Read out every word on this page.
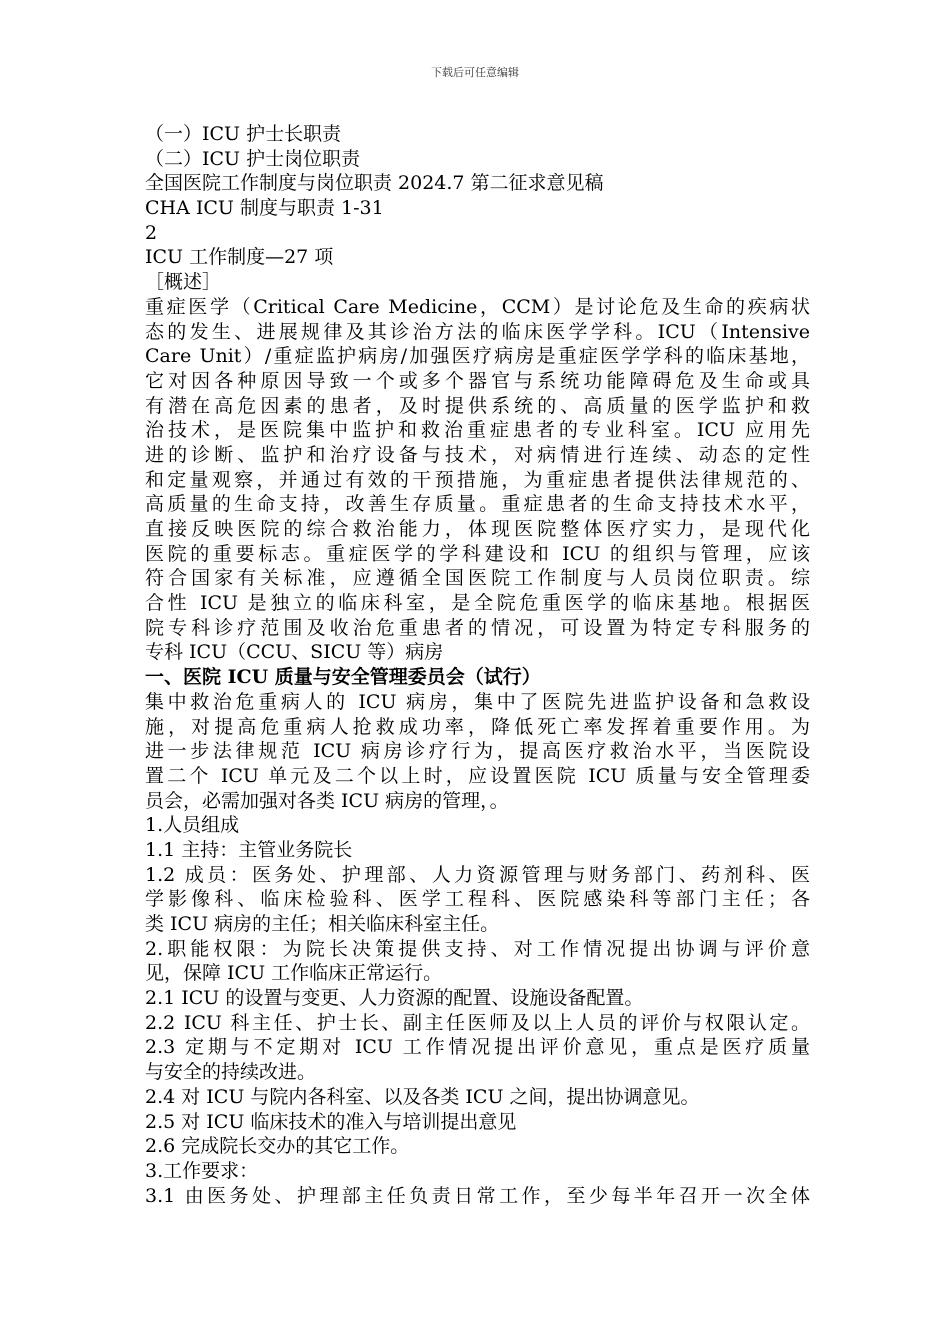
下载后可任意编辑
（一）ICU 护士长职责
（二）ICU 护士岗位职责
全国医院工作制度与岗位职责 2024.7 第二征求意见稿
CHA ICU 制度与职责 1-31
2
ICU 工作制度—27 项
［概述］
重症医学（Critical Care Medicine，CCM）是讨论危及生命的疾病状
态的发生、进展规律及其诊治方法的临床医学学科。ICU（Intensive
Care Unit）/重症监护病房/加强医疗病房是重症医学学科的临床基地，
它对因各种原因导致一个或多个器官与系统功能障碍危及生命或具
有潜在高危因素的患者，及时提供系统的、高质量的医学监护和救
治技术，是医院集中监护和救治重症患者的专业科室。ICU 应用先
进的诊断、监护和治疗设备与技术，对病情进行连续、动态的定性
和定量观察，并通过有效的干预措施，为重症患者提供法律规范的、
高质量的生命支持，改善生存质量。重症患者的生命支持技术水平，
直接反映医院的综合救治能力，体现医院整体医疗实力，是现代化
医院的重要标志。重症医学的学科建设和 ICU 的组织与管理，应该
符合国家有关标准，应遵循全国医院工作制度与人员岗位职责。综
合性 ICU 是独立的临床科室，是全院危重医学的临床基地。根据医
院专科诊疗范围及收治危重患者的情况，可设置为特定专科服务的
专科 ICU（CCU、SICU 等）病房
一、医院 ICU 质量与安全管理委员会（试行）
集中救治危重病人的 ICU 病房，集中了医院先进监护设备和急救设
施，对提高危重病人抢救成功率，降低死亡率发挥着重要作用。为
进一步法律规范 ICU 病房诊疗行为，提高医疗救治水平，当医院设
置二个 ICU 单元及二个以上时，应设置医院 ICU 质量与安全管理委
员会，必需加强对各类 ICU 病房的管理，。
1.人员组成
1.1 主持：主管业务院长
1.2 成员：医务处、护理部、人力资源管理与财务部门、药剂科、医
学影像科、临床检验科、医学工程科、医院感染科等部门主任；各
类 ICU 病房的主任；相关临床科室主任。
2.职能权限：为院长决策提供支持、对工作情况提出协调与评价意
见，保障 ICU 工作临床正常运行。
2.1 ICU 的设置与变更、人力资源的配置、设施设备配置。
2.2 ICU 科主任、护士长、副主任医师及以上人员的评价与权限认定。
2.3 定期与不定期对 ICU 工作情况提出评价意见，重点是医疗质量
与安全的持续改进。
2.4 对 ICU 与院内各科室、以及各类 ICU 之间，提出协调意见。
2.5 对 ICU 临床技术的准入与培训提出意见
2.6 完成院长交办的其它工作。
3.工作要求：
3.1 由医务处、护理部主任负责日常工作，至少每半年召开一次全体
